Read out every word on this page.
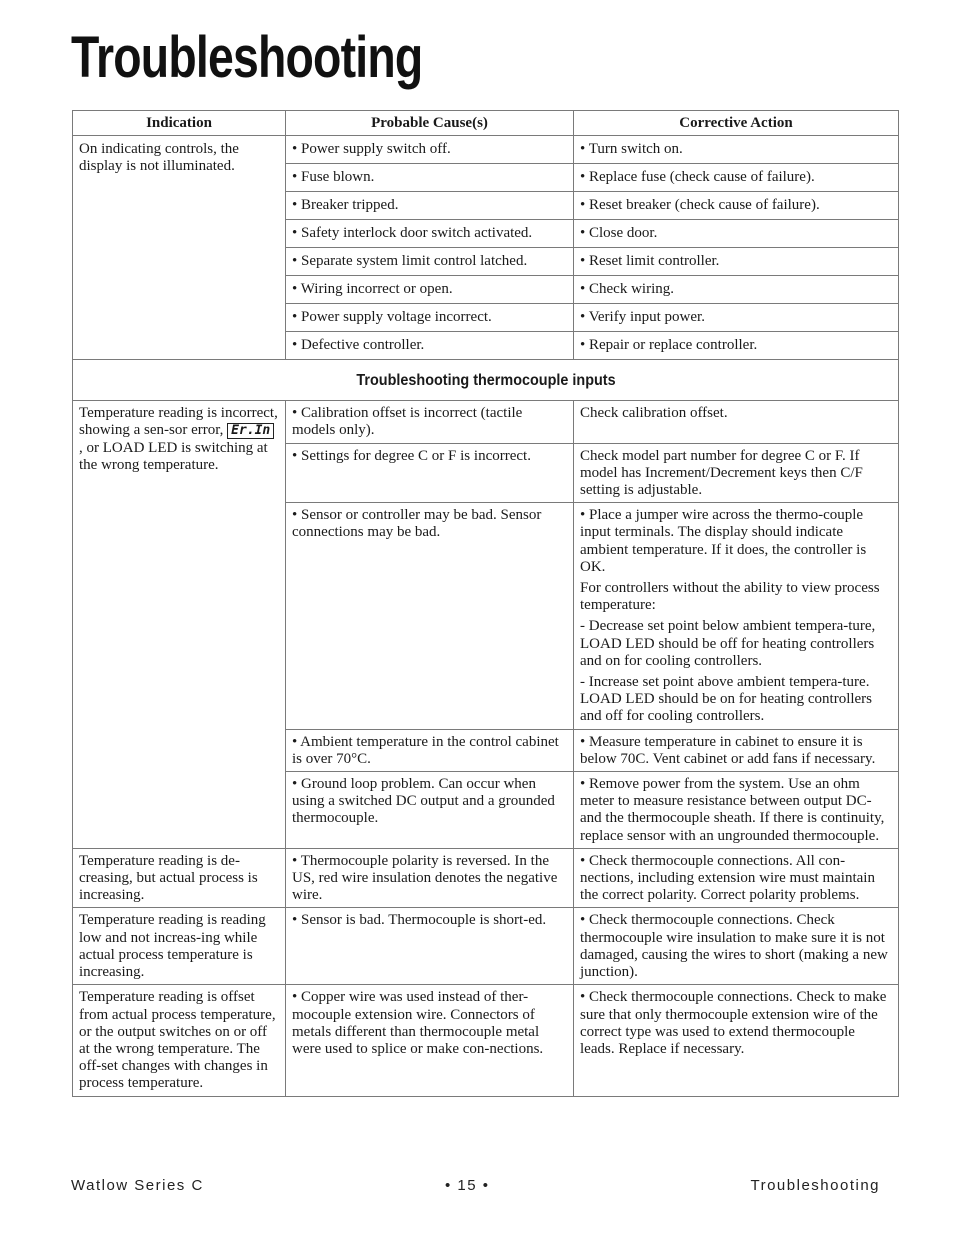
Troubleshooting
Indication	Probable Cause(s)	Corrective Action
On indicating controls, the display is not illuminated.	• Power supply switch off.	• Turn switch on.
	• Fuse blown.	• Replace fuse (check cause of failure).
	• Breaker tripped.	• Reset breaker (check cause of failure).
	• Safety interlock door switch activated.	• Close door.
	• Separate system limit control latched.	• Reset limit controller.
	• Wiring incorrect or open.	• Check wiring.
	• Power supply voltage incorrect.	• Verify input power.
	• Defective controller.	• Repair or replace controller.
Troubleshooting thermocouple inputs		
Temperature reading is incorrect, showing a sen-sor error, Er.In , or LOAD LED is switching at the wrong temperature.	• Calibration offset is incorrect (tactile models only).	Check calibration offset.

	• Settings for degree C or F is incorrect.	Check model part number for degree C or F. If model has Increment/Decrement keys then C/F setting is adjustable.

	• Sensor or controller may be bad. Sensor connections may be bad.	• Place a jumper wire across the thermo-couple input terminals. The display should indicate ambient temperature. If it does, the controller is OK.
For controllers without the ability to view process temperature:
- Decrease set point below ambient tempera-ture, LOAD LED should be off for heating controllers and on for cooling controllers.
- Increase set point above ambient tempera-ture. LOAD LED should be on for heating controllers and off for cooling controllers.

	• Ambient temperature in the control cabinet is over 70°C.	• Measure temperature in cabinet to ensure it is below 70C. Vent cabinet or add fans if necessary.

	• Ground loop problem. Can occur when using a switched DC output and a grounded thermocouple.	• Remove power from the system. Use an ohm meter to measure resistance between output DC- and the thermocouple sheath. If there is continuity, replace sensor with an ungrounded thermocouple.

Temperature reading is de-creasing, but actual process is increasing.	• Thermocouple polarity is reversed. In the US, red wire insulation denotes the negative wire.	• Check thermocouple connections. All con-nections, including extension wire must maintain the correct polarity. Correct polarity problems.
Temperature reading is reading low and not increas-ing while actual process temperature is increasing.	• Sensor is bad. Thermocouple is short-ed.	• Check thermocouple connections. Check thermocouple wire insulation to make sure it is not damaged, causing the wires to short (making a new junction).
Temperature reading is offset from actual process temperature, or the output switches on or off at the wrong temperature. The off-set changes with changes in process temperature.	• Copper wire was used instead of ther-mocouple extension wire. Connectors of metals different than thermocouple metal were used to splice or make con-nections.	• Check thermocouple connections. Check to make sure that only thermocouple extension wire of the correct type was used to extend thermocouple leads. Replace if necessary.
Watlow Series C	• 15 •	Troubleshooting
